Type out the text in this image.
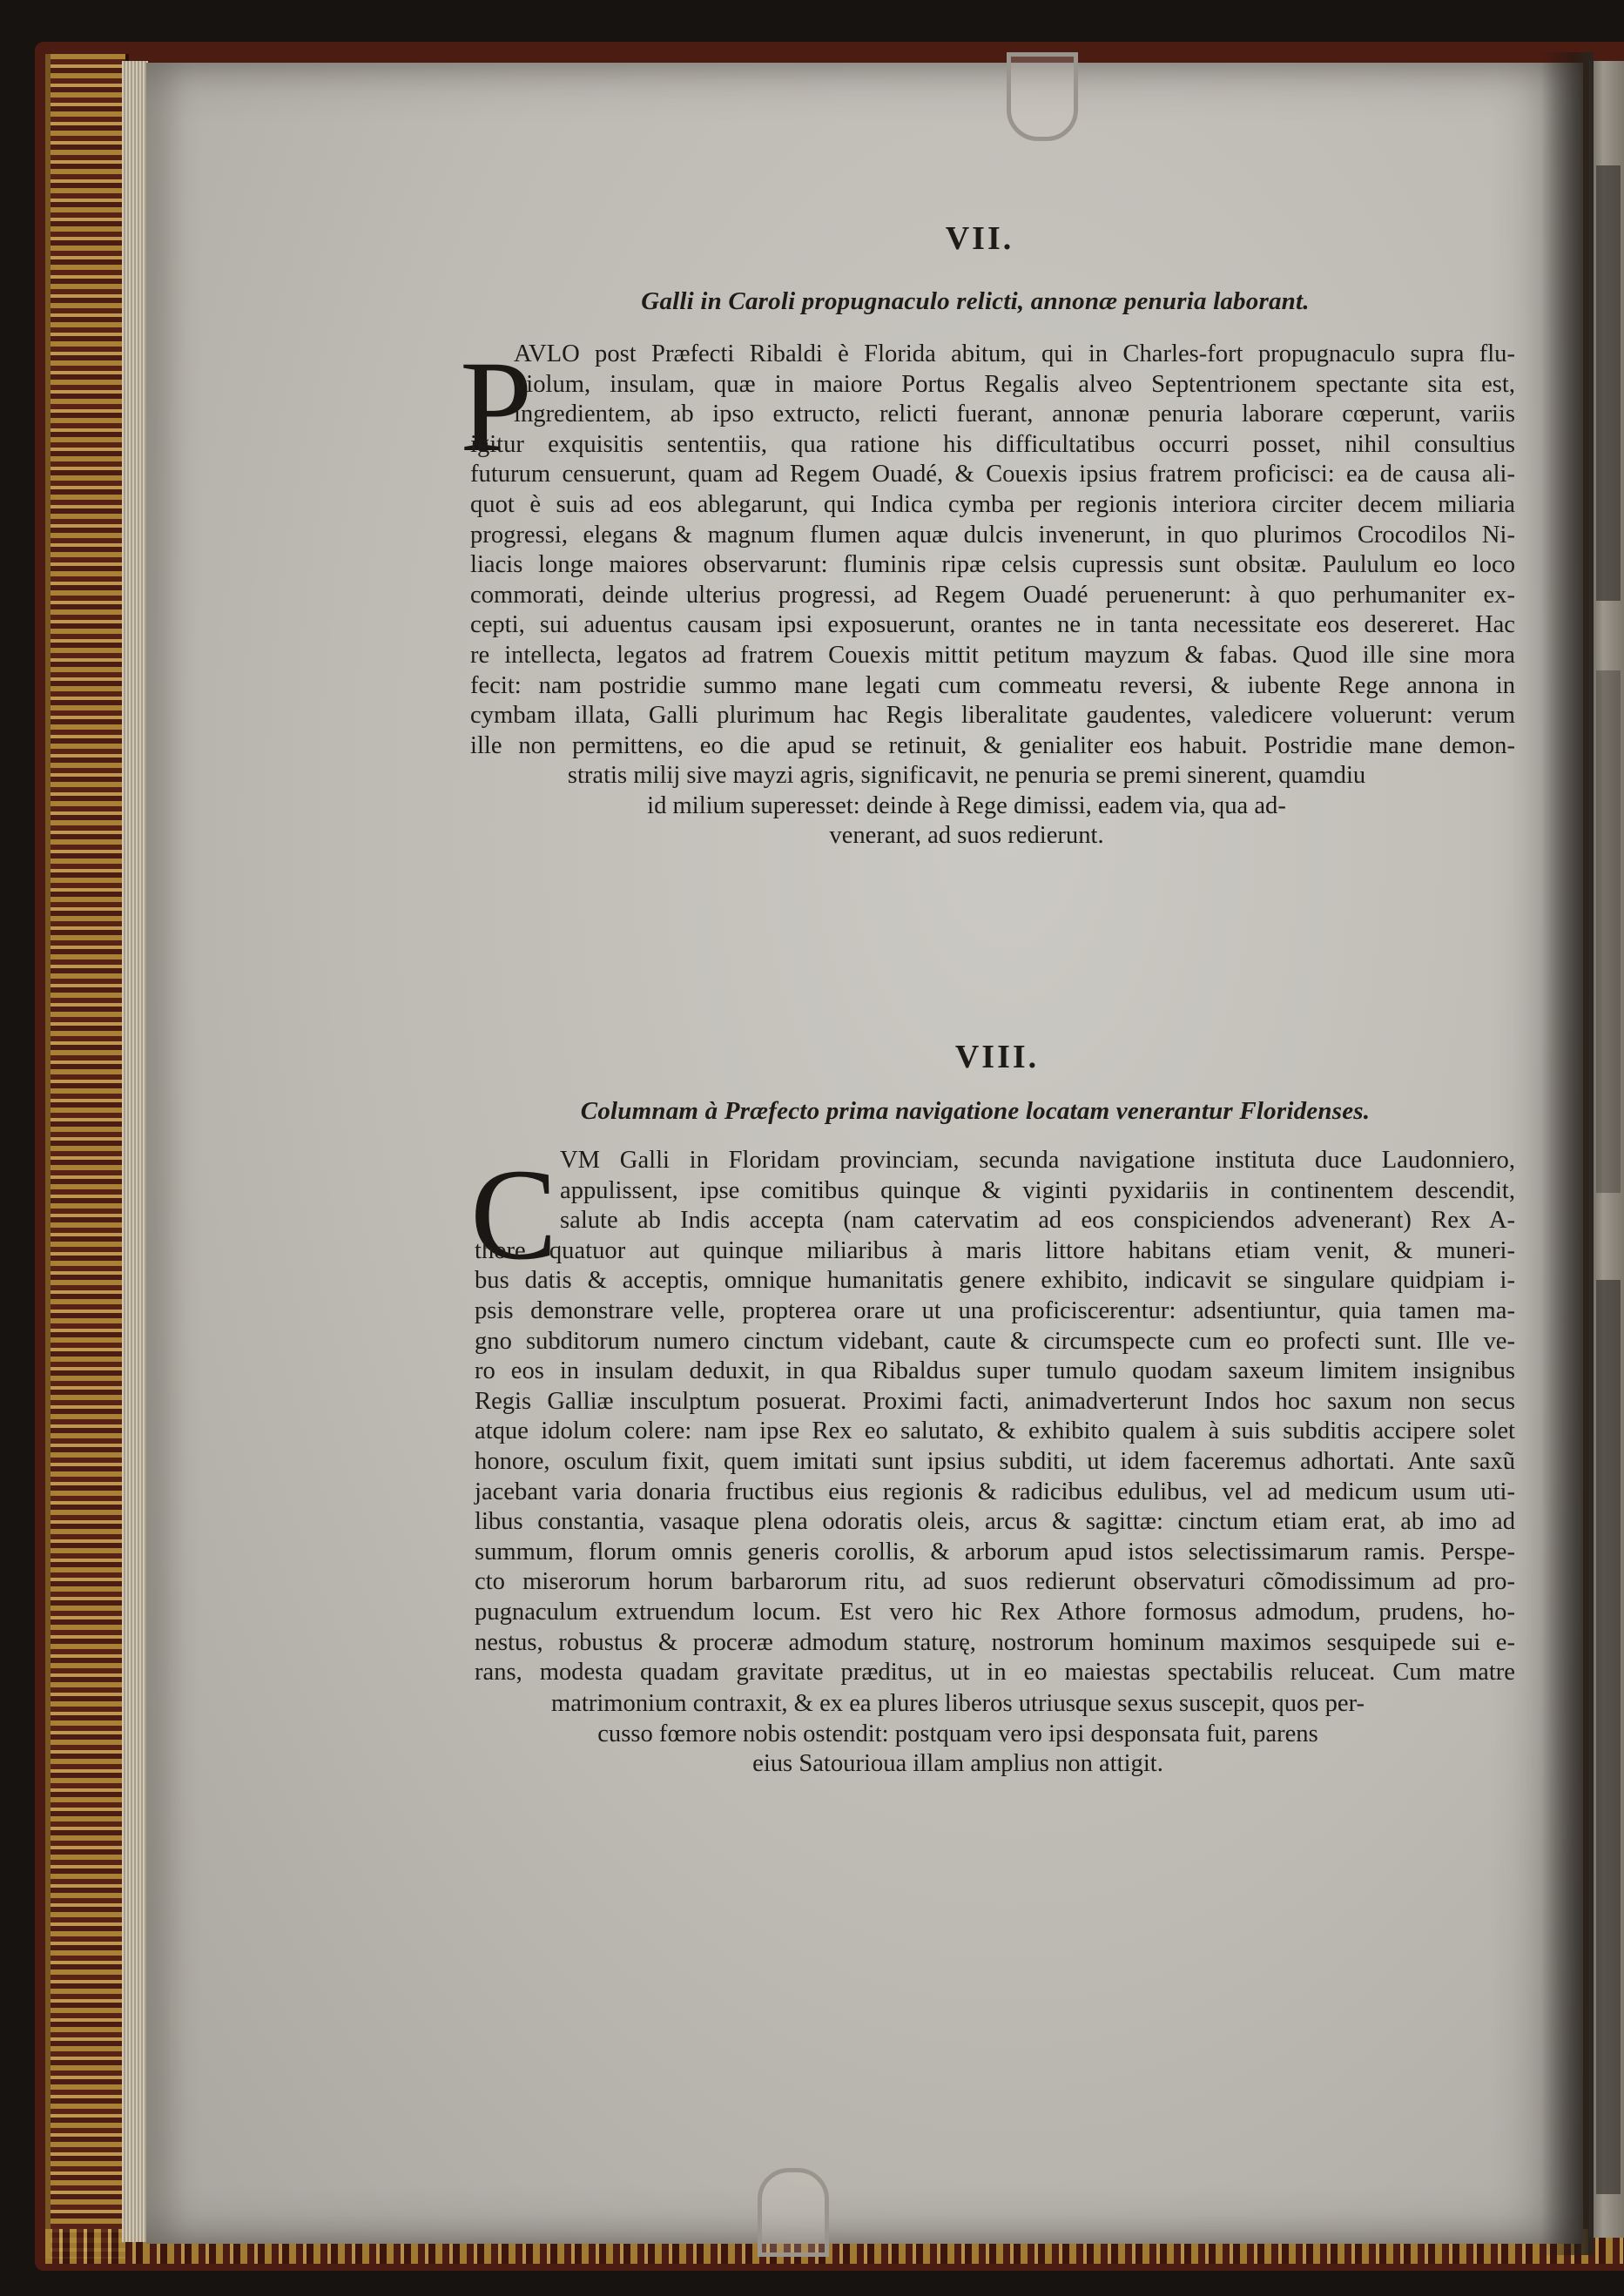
VII.
Galli in Caroli propugnaculo relicti, annonæ penuria laborant.
P
AVLO post Præfecti Ribaldi è Florida abitum, qui in Charles-fort propugnaculo supra flu-
violum, insulam, quæ in maiore Portus Regalis alveo Septentrionem spectante sita est,
ingredientem, ab ipso extructo, relicti fuerant, annonæ penuria laborare cœperunt, variis
igitur exquisitis sententiis, qua ratione his difficultatibus occurri posset, nihil consultius
futurum censuerunt, quam ad Regem Ouadé, & Couexis ipsius fratrem proficisci: ea de causa ali-
quot è suis ad eos ablegarunt, qui Indica cymba per regionis interiora circiter decem miliaria
progressi, elegans & magnum flumen aquæ dulcis invenerunt, in quo plurimos Crocodilos Ni-
liacis longe maiores observarunt: fluminis ripæ celsis cupressis sunt obsitæ. Paululum eo loco
commorati, deinde ulterius progressi, ad Regem Ouadé peruenerunt: à quo perhumaniter ex-
cepti, sui aduentus causam ipsi exposuerunt, orantes ne in tanta necessitate eos desereret. Hac
re intellecta, legatos ad fratrem Couexis mittit petitum mayzum & fabas. Quod ille sine mora
fecit: nam postridie summo mane legati cum commeatu reversi, & iubente Rege annona in
cymbam illata, Galli plurimum hac Regis liberalitate gaudentes, valedicere voluerunt: verum
ille non permittens, eo die apud se retinuit, & genialiter eos habuit. Postridie mane demon-
stratis milij sive mayzi agris, significavit, ne penuria se premi sinerent, quamdiu
id milium superesset: deinde à Rege dimissi, eadem via, qua ad-
venerant, ad suos redierunt.
VIII.
Columnam à Præfecto prima navigatione locatam venerantur Floridenses.
C VM Galli in Floridam provinciam, secunda navigatione instituta duce Laudonniero,
appulissent, ipse comitibus quinque & viginti pyxidariis in continentem descendit,
salute ab Indis accepta (nam catervatim ad eos conspiciendos advenerant) Rex A-
thore quatuor aut quinque miliaribus à maris littore habitans etiam venit, & muneri-
bus datis & acceptis, omnique humanitatis genere exhibito, indicavit se singulare quidpiam i-
psis demonstrare velle, propterea orare ut una proficiscerentur: adsentiuntur, quia tamen ma-
gno subditorum numero cinctum videbant, caute & circumspecte cum eo profecti sunt. Ille ve-
ro eos in insulam deduxit, in qua Ribaldus super tumulo quodam saxeum limitem insignibus
Regis Galliæ insculptum posuerat. Proximi facti, animadverterunt Indos hoc saxum non secus
atque idolum colere: nam ipse Rex eo salutato, & exhibito qualem à suis subditis accipere solet
honore, osculum fixit, quem imitati sunt ipsius subditi, ut idem faceremus adhortati. Ante saxũ
jacebant varia donaria fructibus eius regionis & radicibus edulibus, vel ad medicum usum uti-
libus constantia, vasaque plena odoratis oleis, arcus & sagittæ: cinctum etiam erat, ab imo ad
summum, florum omnis generis corollis, & arborum apud istos selectissimarum ramis. Perspe-
cto miserorum horum barbarorum ritu, ad suos redierunt observaturi cõmodissimum ad pro-
pugnaculum extruendum locum. Est vero hic Rex Athore formosus admodum, prudens, ho-
nestus, robustus & proceræ admodum staturę, nostrorum hominum maximos sesquipede sui e-
rans, modesta quadam gravitate præditus, ut in eo maiestas spectabilis reluceat. Cum matre
matrimonium contraxit, & ex ea plures liberos utriusque sexus suscepit, quos per-
cusso fœmore nobis ostendit: postquam vero ipsi desponsata fuit, parens
eius Satourioua illam amplius non attigit.
